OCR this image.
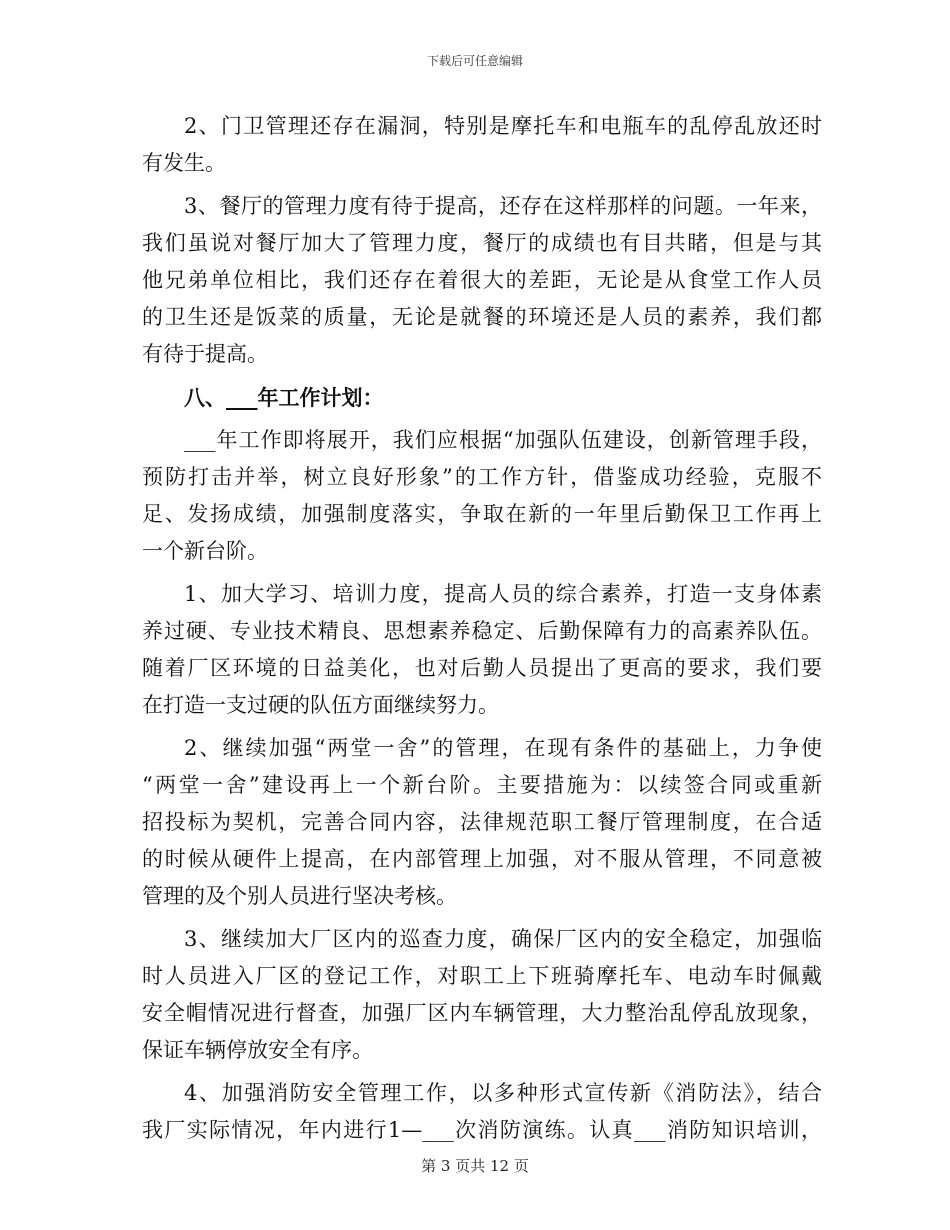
下载后可任意编辑
2、门卫管理还存在漏洞，特别是摩托车和电瓶车的乱停乱放还时
有发生。
3、餐厅的管理力度有待于提高，还存在这样那样的问题。一年来，
我们虽说对餐厅加大了管理力度，餐厅的成绩也有目共睹，但是与其
他兄弟单位相比，我们还存在着很大的差距，无论是从食堂工作人员
的卫生还是饭菜的质量，无论是就餐的环境还是人员的素养，我们都
有待于提高。
八、___年工作计划：
___年工作即将展开，我们应根据“加强队伍建设，创新管理手段，
预防打击并举，树立良好形象”的工作方针，借鉴成功经验，克服不
足、发扬成绩，加强制度落实，争取在新的一年里后勤保卫工作再上
一个新台阶。
1、加大学习、培训力度，提高人员的综合素养，打造一支身体素
养过硬、专业技术精良、思想素养稳定、后勤保障有力的高素养队伍。
随着厂区环境的日益美化，也对后勤人员提出了更高的要求，我们要
在打造一支过硬的队伍方面继续努力。
2、继续加强“两堂一舍”的管理，在现有条件的基础上，力争使
“两堂一舍”建设再上一个新台阶。主要措施为：以续签合同或重新
招投标为契机，完善合同内容，法律规范职工餐厅管理制度，在合适
的时候从硬件上提高，在内部管理上加强，对不服从管理，不同意被
管理的及个别人员进行坚决考核。
3、继续加大厂区内的巡查力度，确保厂区内的安全稳定，加强临
时人员进入厂区的登记工作，对职工上下班骑摩托车、电动车时佩戴
安全帽情况进行督查，加强厂区内车辆管理，大力整治乱停乱放现象，
保证车辆停放安全有序。
4、加强消防安全管理工作，以多种形式宣传新《消防法》，结合
我厂实际情况，年内进行1—___次消防演练。认真___消防知识培训，
第 3 页共 12 页
